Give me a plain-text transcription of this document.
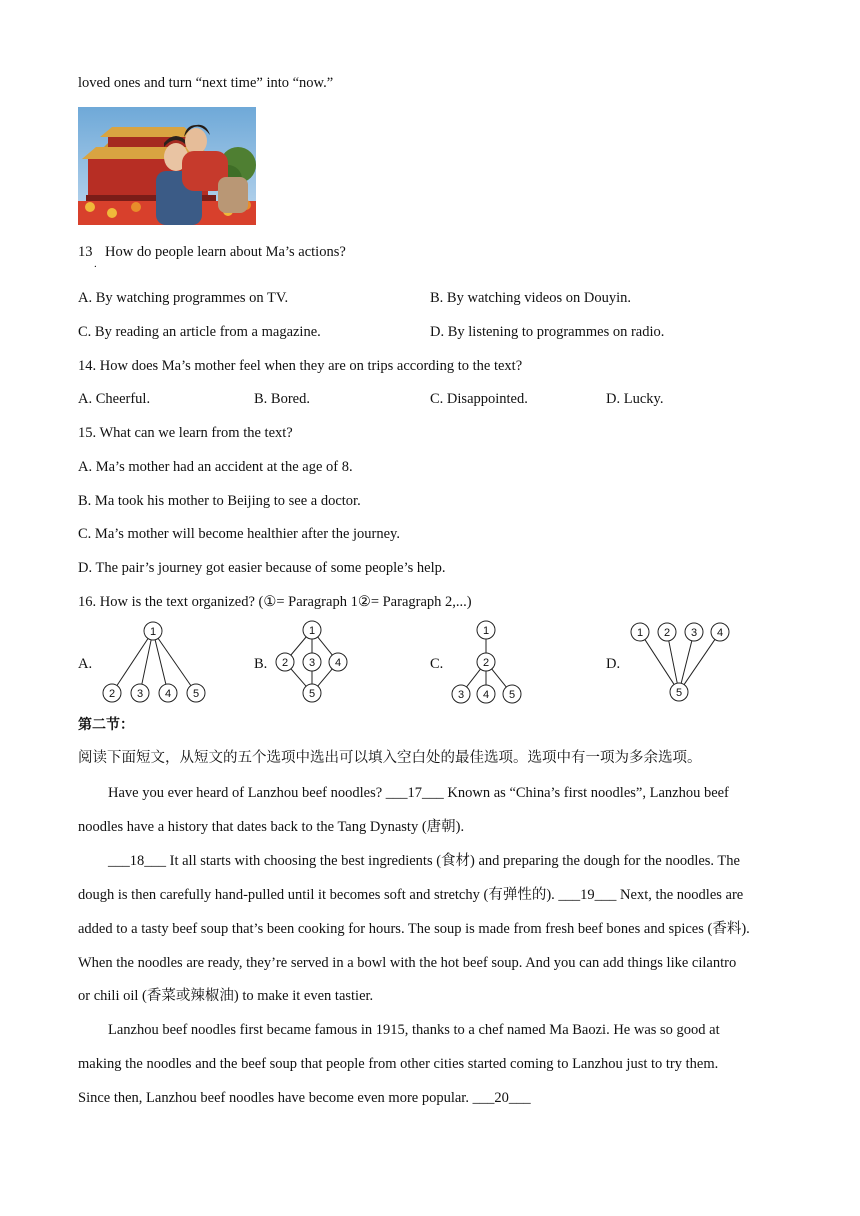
loved ones and turn “next time” into “now.”
13
.
How do people learn about Ma’s actions?
A. By watching programmes on TV.	B. By watching videos on Douyin.
C. By reading an article from a magazine.	D. By listening to programmes on radio.
14. How does Ma’s mother feel when they are on trips according to the text?
A. Cheerful.	B. Bored.	C. Disappointed.	D. Lucky.
15. What can we learn from the text?
A. Ma’s mother had an accident at the age of 8.
B. Ma took his mother to Beijing to see a doctor.
C. Ma’s mother will become healthier after the journey.
D. The pair’s journey got easier because of some people’s help.
16. How is the text organized? (①= Paragraph 1②= Paragraph 2,...)
A.	B.	C.	D.
1
2 3 4 5
1
2 3 4
5
1
2
3 4 5
1 2 3 4
5
第二节：
阅读下面短文，从短文的五个选项中选出可以填入空白处的最佳选项。选项中有一项为多余选项。
Have you ever heard of Lanzhou beef noodles? ___17___ Known as “China’s first noodles”, Lanzhou beef
noodles have a history that dates back to the Tang Dynasty (唐朝).
___18___ It all starts with choosing the best ingredients (食材) and preparing the dough for the noodles. The
dough is then carefully hand-pulled until it becomes soft and stretchy (有弹性的). ___19___ Next, the noodles are
added to a tasty beef soup that’s been cooking for hours. The soup is made from fresh beef bones and spices (香料).
When the noodles are ready, they’re served in a bowl with the hot beef soup. And you can add things like cilantro
or chili oil (香菜或辣椒油) to make it even tastier.
Lanzhou beef noodles first became famous in 1915, thanks to a chef named Ma Baozi. He was so good at
making the noodles and the beef soup that people from other cities started coming to Lanzhou just to try them.
Since then, Lanzhou beef noodles have become even more popular. ___20___
